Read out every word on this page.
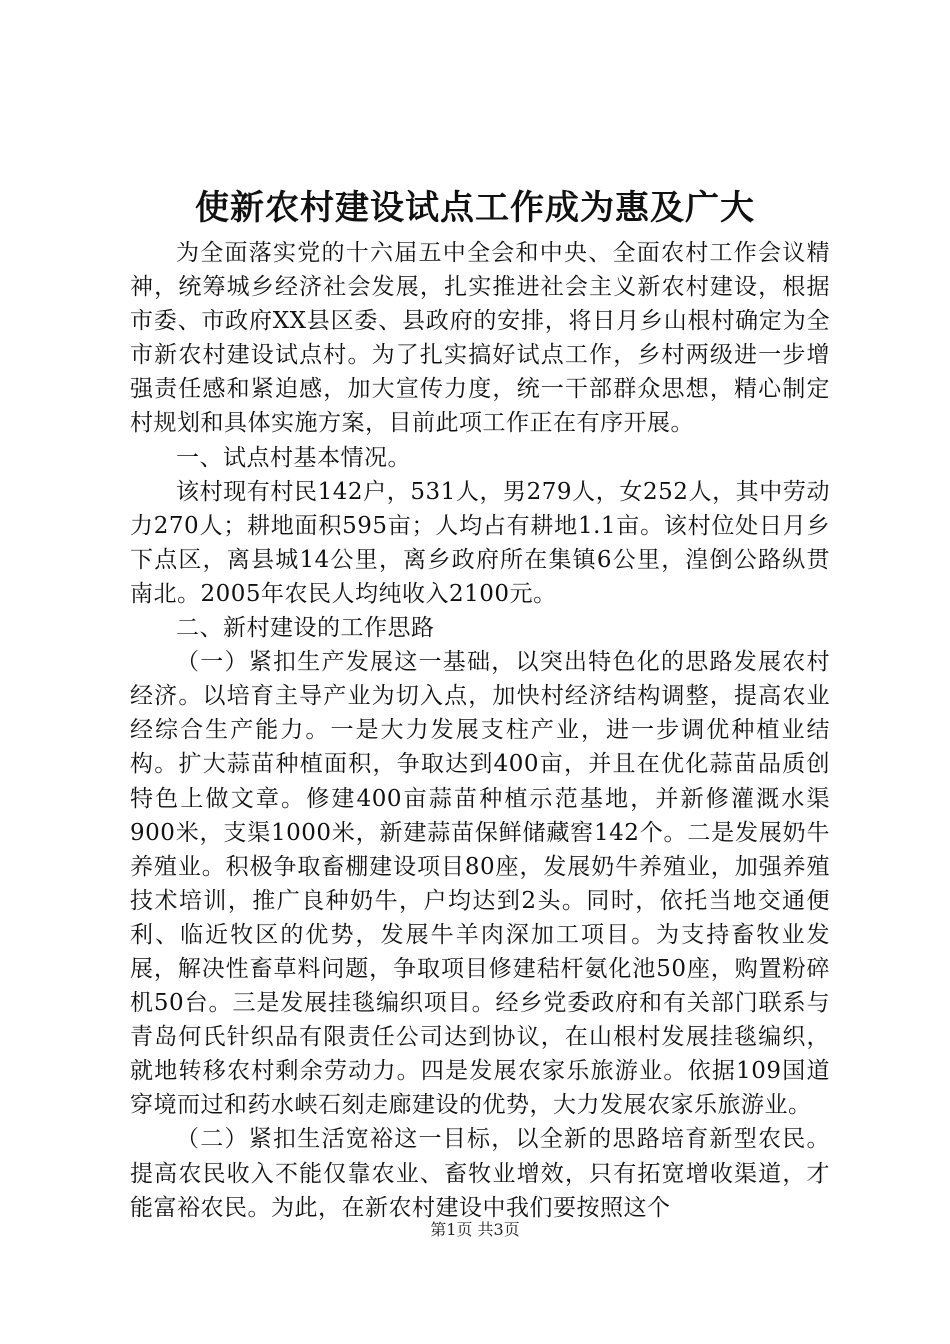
使新农村建设试点工作成为惠及广大

为全面落实党的十六届五中全会和中央、全面农村工作会议精神，统筹城乡经济社会发展，扎实推进社会主义新农村建设，根据市委、市政府XX县区委、县政府的安排，将日月乡山根村确定为全市新农村建设试点村。为了扎实搞好试点工作，乡村两级进一步增强责任感和紧迫感，加大宣传力度，统一干部群众思想，精心制定村规划和具体实施方案，目前此项工作正在有序开展。

一、试点村基本情况。

该村现有村民142户，531人，男279人，女252人，其中劳动力270人；耕地面积595亩；人均占有耕地1.1亩。该村位处日月乡下点区，离县城14公里，离乡政府所在集镇6公里，湟倒公路纵贯南北。2005年农民人均纯收入2100元。

二、新村建设的工作思路

（一）紧扣生产发展这一基础，以突出特色化的思路发展农村经济。以培育主导产业为切入点，加快村经济结构调整，提高农业经综合生产能力。一是大力发展支柱产业，进一步调优种植业结构。扩大蒜苗种植面积，争取达到400亩，并且在优化蒜苗品质创特色上做文章。修建400亩蒜苗种植示范基地，并新修灌溉水渠900米，支渠1000米，新建蒜苗保鲜储藏窖142个。二是发展奶牛养殖业。积极争取畜棚建设项目80座，发展奶牛养殖业，加强养殖技术培训，推广良种奶牛，户均达到2头。同时，依托当地交通便利、临近牧区的优势，发展牛羊肉深加工项目。为支持畜牧业发展，解决性畜草料问题，争取项目修建秸杆氨化池50座，购置粉碎机50台。三是发展挂毯编织项目。经乡党委政府和有关部门联系与青岛何氏针织品有限责任公司达到协议，在山根村发展挂毯编织，就地转移农村剩余劳动力。四是发展农家乐旅游业。依据109国道穿境而过和药水峡石刻走廊建设的优势，大力发展农家乐旅游业。

（二）紧扣生活宽裕这一目标，以全新的思路培育新型农民。提高农民收入不能仅靠农业、畜牧业增效，只有拓宽增收渠道，才能富裕农民。为此，在新农村建设中我们要按照这个

第1页 共3页
